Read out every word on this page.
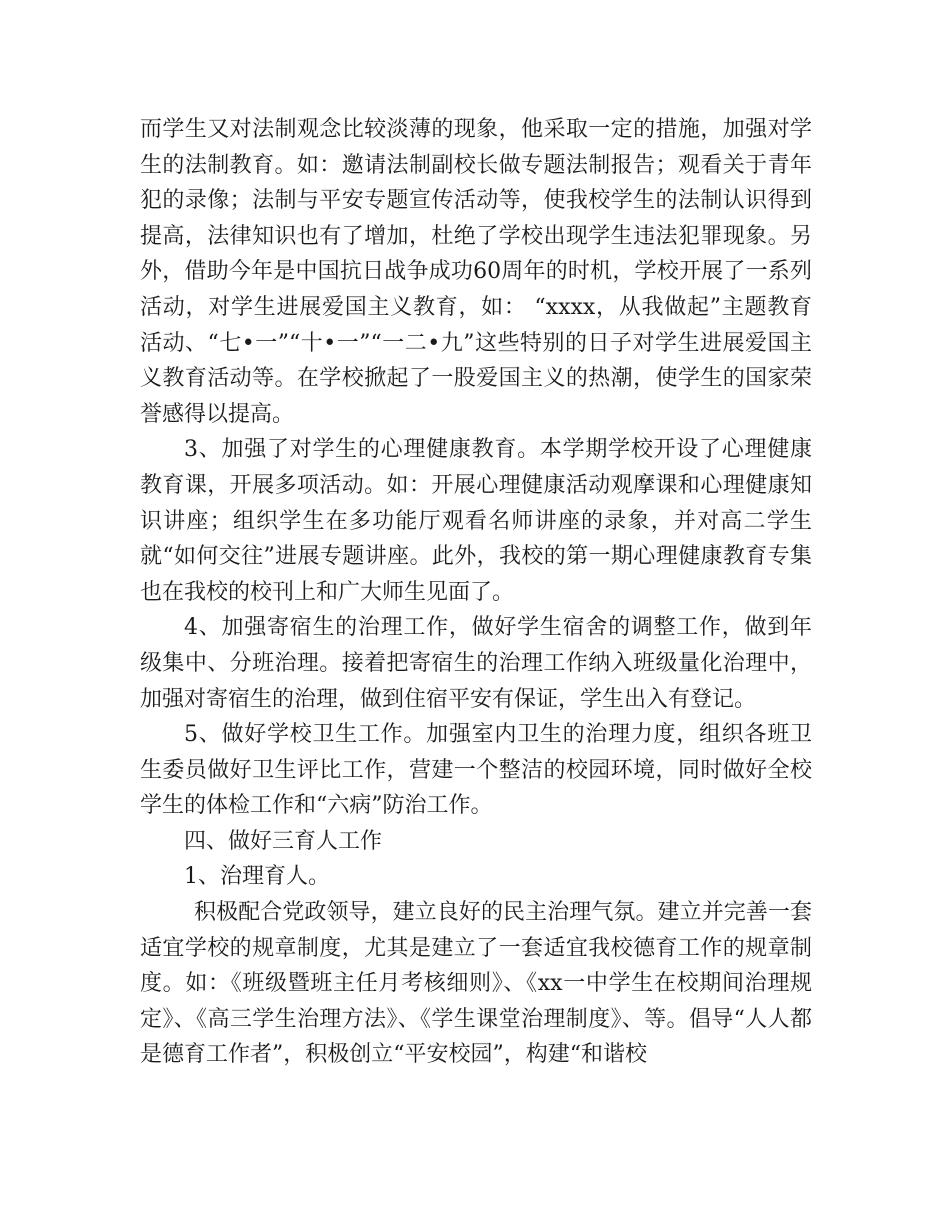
而学生又对法制观念比较淡薄的现象，他采取一定的措施，加强对学生的法制教育。如：邀请法制副校长做专题法制报告；观看关于青年犯的录像；法制与平安专题宣传活动等，使我校学生的法制认识得到提高，法律知识也有了增加，杜绝了学校出现学生违法犯罪现象。另外，借助今年是中国抗日战争成功60周年的时机，学校开展了一系列活动，对学生进展爱国主义教育，如： “xxxx，从我做起”主题教育活动、“七•一”“十•一”“一二•九”这些特别的日子对学生进展爱国主义教育活动等。在学校掀起了一股爱国主义的热潮，使学生的国家荣誉感得以提高。

3、加强了对学生的心理健康教育。本学期学校开设了心理健康教育课，开展多项活动。如：开展心理健康活动观摩课和心理健康知识讲座；组织学生在多功能厅观看名师讲座的录象，并对高二学生就“如何交往”进展专题讲座。此外，我校的第一期心理健康教育专集也在我校的校刊上和广大师生见面了。

4、加强寄宿生的治理工作，做好学生宿舍的调整工作，做到年级集中、分班治理。接着把寄宿生的治理工作纳入班级量化治理中，加强对寄宿生的治理，做到住宿平安有保证，学生出入有登记。

5、做好学校卫生工作。加强室内卫生的治理力度，组织各班卫生委员做好卫生评比工作，营建一个整洁的校园环境，同时做好全校学生的体检工作和“六病”防治工作。

四、做好三育人工作

1、治理育人。

积极配合党政领导，建立良好的民主治理气氛。建立并完善一套适宜学校的规章制度，尤其是建立了一套适宜我校德育工作的规章制度。如：《班级暨班主任月考核细则》、《xx一中学生在校期间治理规定》、《高三学生治理方法》、《学生课堂治理制度》、等。倡导“人人都是德育工作者”，积极创立“平安校园”，构建“和谐校
